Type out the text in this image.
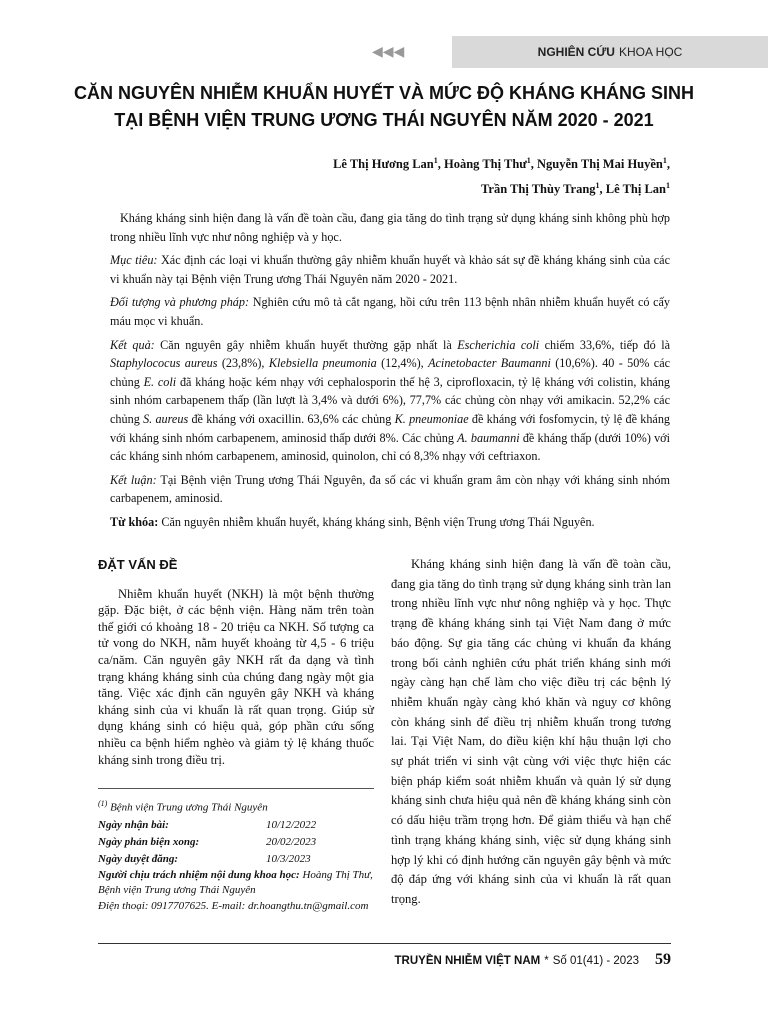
◀◀◀	NGHIÊN CỨU KHOA HỌC
CĂN NGUYÊN NHIỄM KHUẨN HUYẾT VÀ MỨC ĐỘ KHÁNG KHÁNG SINH
TẠI BỆNH VIỆN TRUNG ƯƠNG THÁI NGUYÊN NĂM 2020 - 2021
Lê Thị Hương Lan$^1$, Hoàng Thị Thư$^1$, Nguyễn Thị Mai Huyền$^1$,
Trần Thị Thùy Trang$^1$, Lê Thị Lan$^1$

Kháng kháng sinh hiện đang là vấn đề toàn cầu, đang gia tăng do tình trạng sử dụng kháng sinh không phù hợp trong nhiều lĩnh vực như nông nghiệp và y học.

Mục tiêu: Xác định các loại vi khuẩn thường gây nhiễm khuẩn huyết và khảo sát sự đề kháng kháng sinh của các vi khuẩn này tại Bệnh viện Trung ương Thái Nguyên năm 2020 - 2021.

Đối tượng và phương pháp: Nghiên cứu mô tả cắt ngang, hồi cứu trên 113 bệnh nhân nhiễm khuẩn huyết có cấy máu mọc vi khuẩn.

Kết quả: Căn nguyên gây nhiễm khuẩn huyết thường gặp nhất là Escherichia coli chiếm 33,6%, tiếp đó là Staphylococus aureus (23,8%), Klebsiella pneumonia (12,4%), Acinetobacter Baumanni (10,6%). 40 - 50% các chủng E. coli đã kháng hoặc kém nhạy với cephalosporin thế hệ 3, ciprofloxacin, tỷ lệ kháng với colistin, kháng sinh nhóm carbapenem thấp (lần lượt là 3,4% và dưới 6%), 77,7% các chủng còn nhạy với amikacin. 52,2% các chủng S. aureus đề kháng với oxacillin. 63,6% các chủng K. pneumoniae đề kháng với fosfomycin, tỷ lệ đề kháng với kháng sinh nhóm carbapenem, aminosid thấp dưới 8%. Các chủng A. baumanni đề kháng thấp (dưới 10%) với các kháng sinh nhóm carbapenem, aminosid, quinolon, chỉ có 8,3% nhạy với ceftriaxon.

Kết luận: Tại Bệnh viện Trung ương Thái Nguyên, đa số các vi khuẩn gram âm còn nhạy với kháng sinh nhóm carbapenem, aminosid.

Từ khóa: Căn nguyên nhiễm khuẩn huyết, kháng kháng sinh, Bệnh viện Trung ương Thái Nguyên.

ĐẶT VẤN ĐỀ

Nhiễm khuẩn huyết (NKH) là một bệnh thường gặp. Đặc biệt, ở các bệnh viện. Hàng năm trên toàn thế giới có khoảng 18 - 20 triệu ca NKH. Số tượng ca tử vong do NKH, nằm huyết khoảng từ 4,5 - 6 triệu ca/năm. Căn nguyên gây NKH rất đa dạng và tình trạng kháng kháng sinh của chúng đang ngày một gia tăng. Việc xác định căn nguyên gây NKH và kháng kháng sinh của vi khuẩn là rất quan trọng. Giúp sử dụng kháng sinh có hiệu quả, góp phần cứu sống nhiều ca bệnh hiểm nghèo và giảm tỷ lệ kháng thuốc kháng sinh trong điều trị.

Kháng kháng sinh hiện đang là vấn đề toàn cầu, đang gia tăng do tình trạng sử dụng kháng sinh tràn lan trong nhiều lĩnh vực như nông nghiệp và y học. Thực trạng đề kháng kháng sinh tại Việt Nam đang ở mức báo động. Sự gia tăng các chủng vi khuẩn đa kháng trong bối cảnh nghiên cứu phát triển kháng sinh mới ngày càng hạn chế làm cho việc điều trị các bệnh lý nhiễm khuẩn ngày càng khó khăn và nguy cơ không còn kháng sinh để điều trị nhiễm khuẩn trong tương lai. Tại Việt Nam, do điều kiện khí hậu thuận lợi cho sự phát triển vi sinh vật cùng với việc thực hiện các biện pháp kiểm soát nhiễm khuẩn và quản lý sử dụng kháng sinh chưa hiệu quả nên đề kháng kháng sinh còn có dấu hiệu trầm trọng hơn. Để giảm thiểu và hạn chế tình trạng kháng kháng sinh, việc sử dụng kháng sinh hợp lý khi có định hướng căn nguyên gây bệnh và mức độ đáp ứng với kháng sinh của vi khuẩn là rất quan trọng.

$^{(1)}$ Bệnh viện Trung ương Thái Nguyên
Ngày nhận bài:	10/12/2022
Ngày phản biện xong:	20/02/2023
Ngày duyệt đăng:	10/3/2023
Người chịu trách nhiệm nội dung khoa học: Hoàng Thị Thư, Bệnh viện Trung ương Thái Nguyên
Điện thoại: 0917707625. E-mail: dr.hoangthu.tn@gmail.com
TRUYỀN NHIỄM VIỆT NAM * Số 01(41) - 2023 59
